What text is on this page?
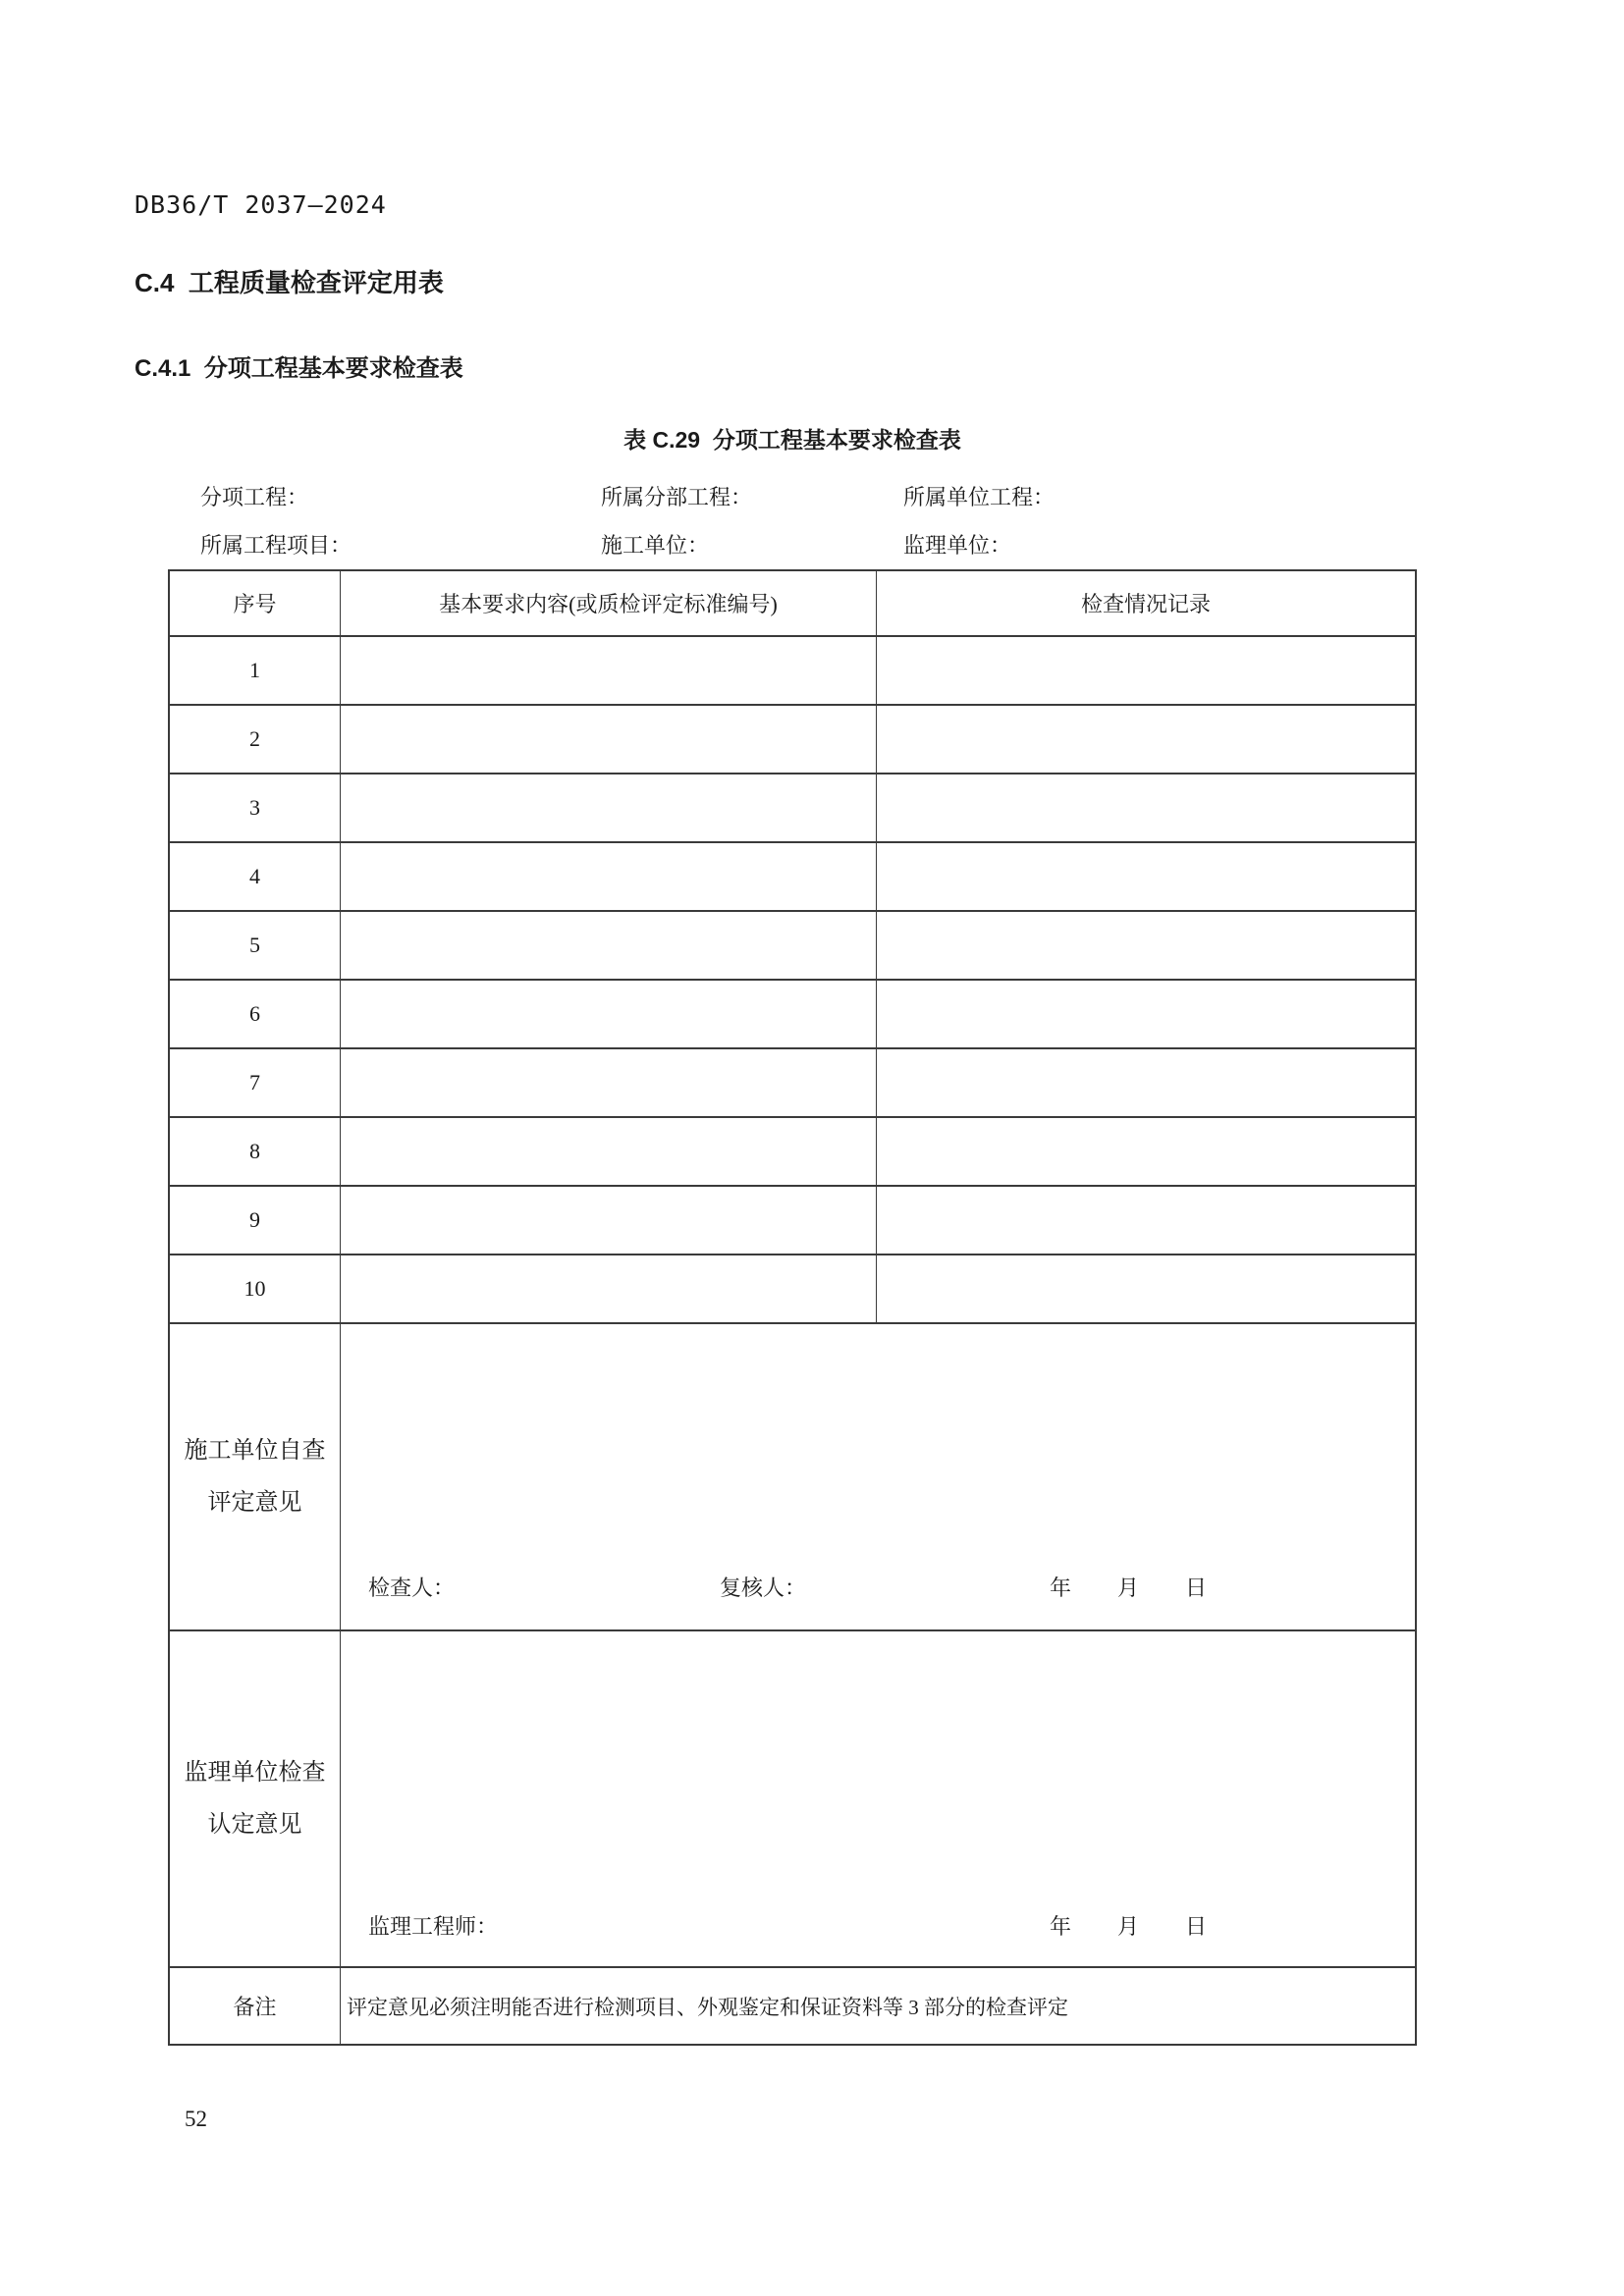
DB36/T 2037—2024
C.4  工程质量检查评定用表
C.4.1  分项工程基本要求检查表
表 C.29  分项工程基本要求检查表
分项工程：	所属分部工程：	所属单位工程：
所属工程项目：	施工单位：	监理单位：
序号	基本要求内容(或质检评定标准编号)	检查情况记录
1
2
3
4
5
6
7
8
9
10
施工单位自查
评定意见
检查人：	复核人：	年 月 日
监理单位检查
认定意见
监理工程师：	年 月 日
备注	评定意见必须注明能否进行检测项目、外观鉴定和保证资料等 3 部分的检查评定
52
